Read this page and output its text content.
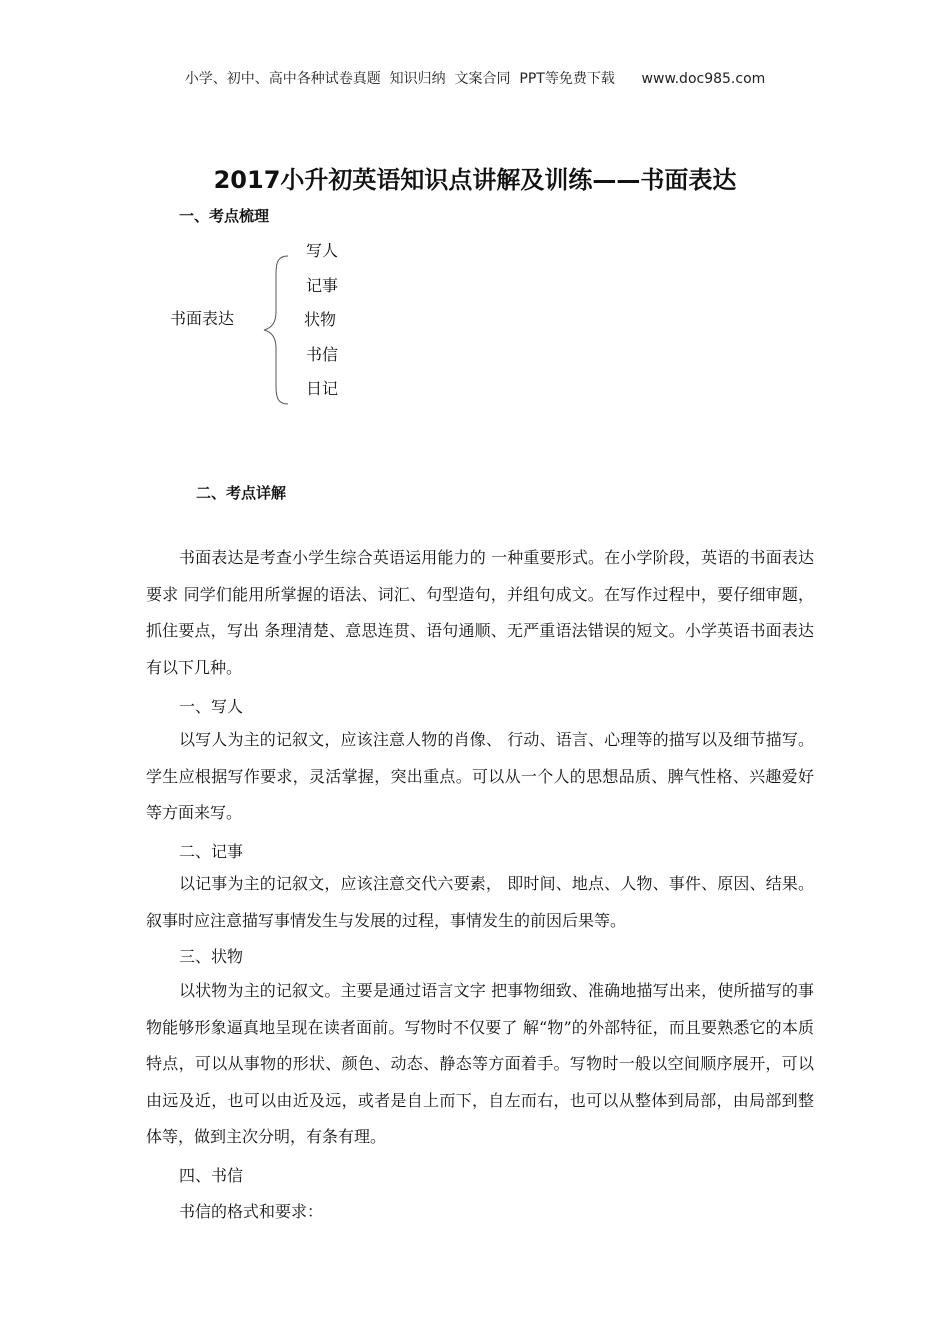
小学、初中、高中各种试卷真题  知识归纳  文案合同  PPT等免费下载      www.doc985.com
2017小升初英语知识点讲解及训练——书面表达
一、考点梳理
书面表达
写人
记事
状物
书信
日记
二、考点详解

书面表达是考查小学生综合英语运用能力的 一种重要形式。在小学阶段，英语的书面表达要求 同学们能用所掌握的语法、词汇、句型造句，并组句成文。在写作过程中，要仔细审题，抓住要点，写出 条理清楚、意思连贯、语句通顺、无严重语法错误的短文。小学英语书面表达有以下几种。

一、写人

以写人为主的记叙文，应该注意人物的肖像、 行动、语言、心理等的描写以及细节描写。学生应根据写作要求，灵活掌握，突出重点。可以从一个人的思想品质、脾气性格、兴趣爱好等方面来写。

二、记事

以记事为主的记叙文，应该注意交代六要素， 即时间、地点、人物、事件、原因、结果。叙事时应注意描写事情发生与发展的过程，事情发生的前因后果等。

三、状物

以状物为主的记叙文。主要是通过语言文字 把事物细致、准确地描写出来，使所描写的事物能够形象逼真地呈现在读者面前。写物时不仅要了 解“物”的外部特征，而且要熟悉它的本质特点，可以从事物的形状、颜色、动态、静态等方面着手。写物时一般以空间顺序展开，可以由远及近，也可以由近及远，或者是自上而下，自左而右，也可以从整体到局部，由局部到整体等，做到主次分明，有条有理。

四、书信

书信的格式和要求：
